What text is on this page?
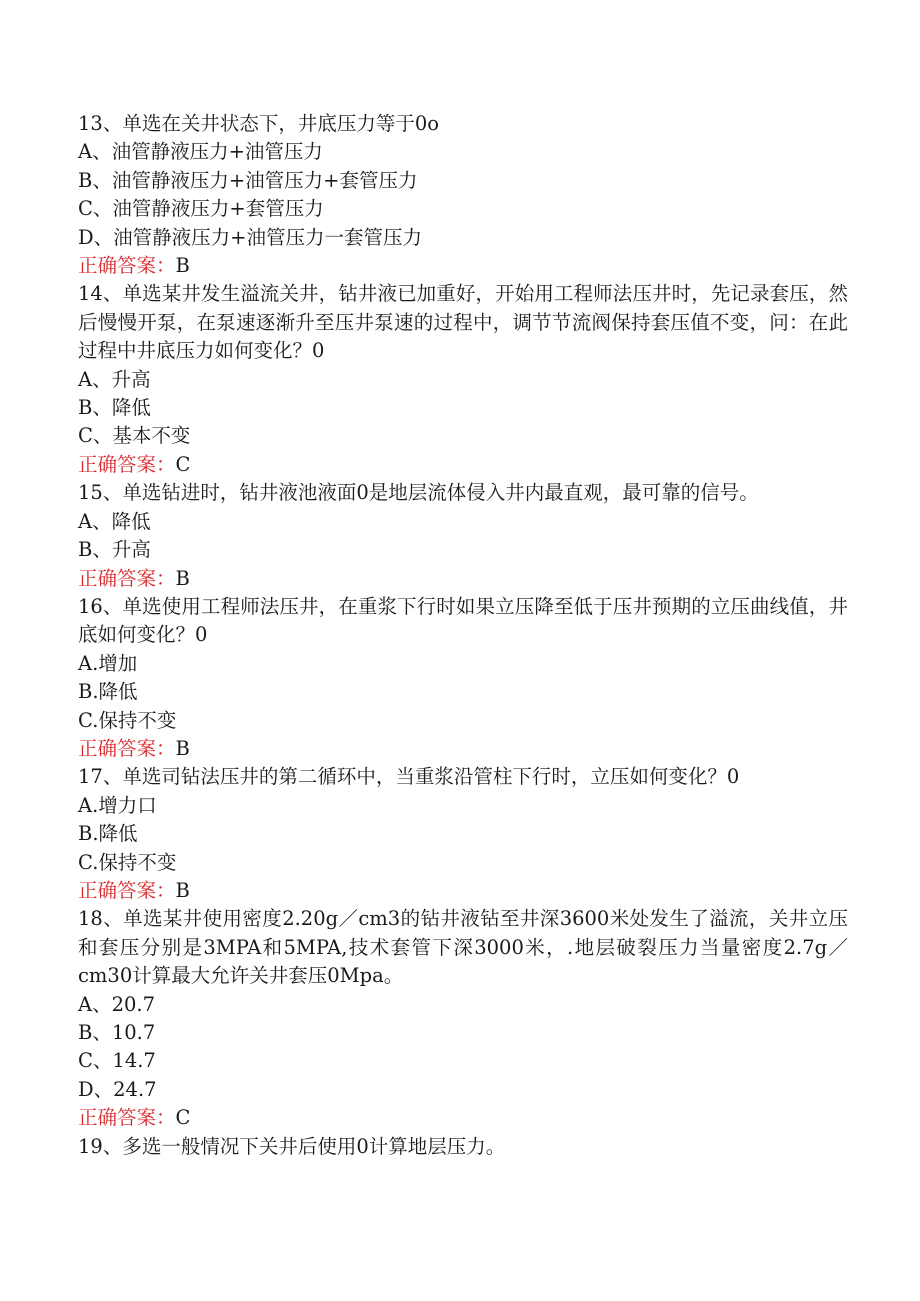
13、单选在关井状态下，井底压力等于0o
A、油管静液压力+油管压力
B、油管静液压力+油管压力+套管压力
C、油管静液压力+套管压力
D、油管静液压力+油管压力一套管压力
正确答案：B
14、单选某井发生溢流关井，钻井液已加重好，开始用工程师法压井时，先记录套压，然后慢慢开泵，在泵速逐渐升至压井泵速的过程中，调节节流阀保持套压值不变，问：在此过程中井底压力如何变化？0
A、升高
B、降低
C、基本不变
正确答案：C
15、单选钻进时，钻井液池液面0是地层流体侵入井内最直观，最可靠的信号。
A、降低
B、升高
正确答案：B
16、单选使用工程师法压井，在重浆下行时如果立压降至低于压井预期的立压曲线值，井底如何变化？0
A.增加
B.降低
C.保持不变
正确答案：B
17、单选司钻法压井的第二循环中，当重浆沿管柱下行时，立压如何变化？0
A.增力口
B.降低
C.保持不变
正确答案：B
18、单选某井使用密度2.20g／cm3的钻井液钻至井深3600米处发生了溢流，关井立压和套压分别是3MPA和5MPA,技术套管下深3000米，.地层破裂压力当量密度2.7g／cm30计算最大允许关井套压0Mpa。
A、20.7
B、10.7
C、14.7
D、24.7
正确答案：C
19、多选一般情况下关井后使用0计算地层压力。
